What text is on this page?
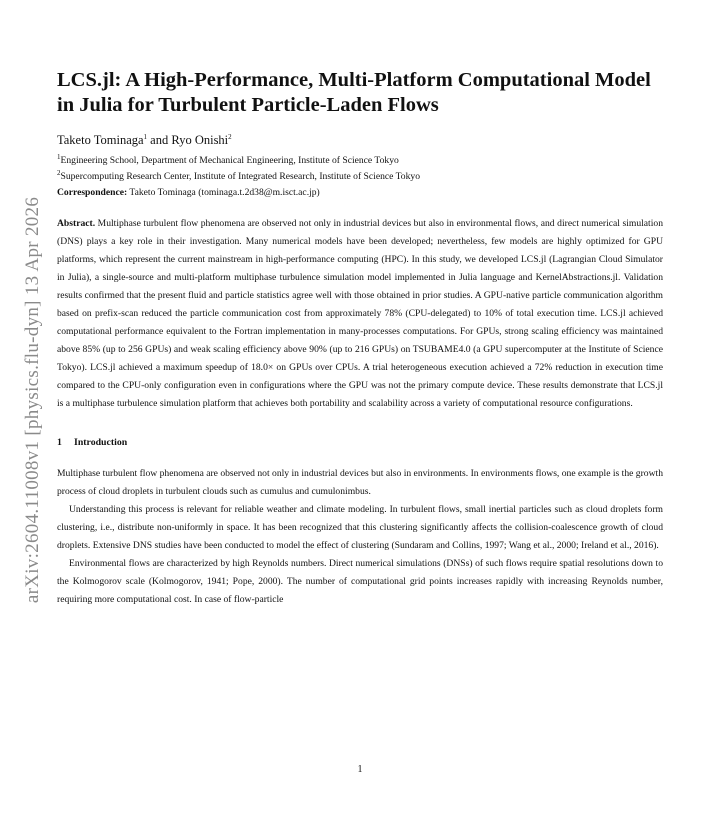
arXiv:2604.11008v1 [physics.flu-dyn] 13 Apr 2026
LCS.jl: A High-Performance, Multi-Platform Computational Model in Julia for Turbulent Particle-Laden Flows
Taketo Tominaga$^1$ and Ryo Onishi$^2$
$^1$Engineering School, Department of Mechanical Engineering, Institute of Science Tokyo
$^2$Supercomputing Research Center, Institute of Integrated Research, Institute of Science Tokyo
Correspondence: Taketo Tominaga (tominaga.t.2d38@m.isct.ac.jp)
Abstract. Multiphase turbulent flow phenomena are observed not only in industrial devices but also in environmental flows, and direct numerical simulation (DNS) plays a key role in their investigation. Many numerical models have been developed; nevertheless, few models are highly optimized for GPU platforms, which represent the current mainstream in high-performance computing (HPC). In this study, we developed LCS.jl (Lagrangian Cloud Simulator in Julia), a single-source and multi-platform multiphase turbulence simulation model implemented in Julia language and KernelAbstractions.jl. Validation results confirmed that the present fluid and particle statistics agree well with those obtained in prior studies. A GPU-native particle communication algorithm based on prefix-scan reduced the particle communication cost from approximately 78% (CPU-delegated) to 10% of total execution time. LCS.jl achieved computational performance equivalent to the Fortran implementation in many-processes computations. For GPUs, strong scaling efficiency was maintained above 85% (up to 256 GPUs) and weak scaling efficiency above 90% (up to 216 GPUs) on TSUBAME4.0 (a GPU supercomputer at the Institute of Science Tokyo). LCS.jl achieved a maximum speedup of 18.0× on GPUs over CPUs. A trial heterogeneous execution achieved a 72% reduction in execution time compared to the CPU-only configuration even in configurations where the GPU was not the primary compute device. These results demonstrate that LCS.jl is a multiphase turbulence simulation platform that achieves both portability and scalability across a variety of computational resource configurations.
1 Introduction

Multiphase turbulent flow phenomena are observed not only in industrial devices but also in environments. In environments flows, one example is the growth process of cloud droplets in turbulent clouds such as cumulus and cumulonimbus.

Understanding this process is relevant for reliable weather and climate modeling. In turbulent flows, small inertial particles such as cloud droplets form clustering, i.e., distribute non-uniformly in space. It has been recognized that this clustering significantly affects the collision-coalescence growth of cloud droplets. Extensive DNS studies have been conducted to model the effect of clustering (Sundaram and Collins, 1997; Wang et al., 2000; Ireland et al., 2016).

Environmental flows are characterized by high Reynolds numbers. Direct numerical simulations (DNSs) of such flows require spatial resolutions down to the Kolmogorov scale (Kolmogorov, 1941; Pope, 2000). The number of computational grid points increases rapidly with increasing Reynolds number, requiring more computational cost. In case of flow-particle

1
